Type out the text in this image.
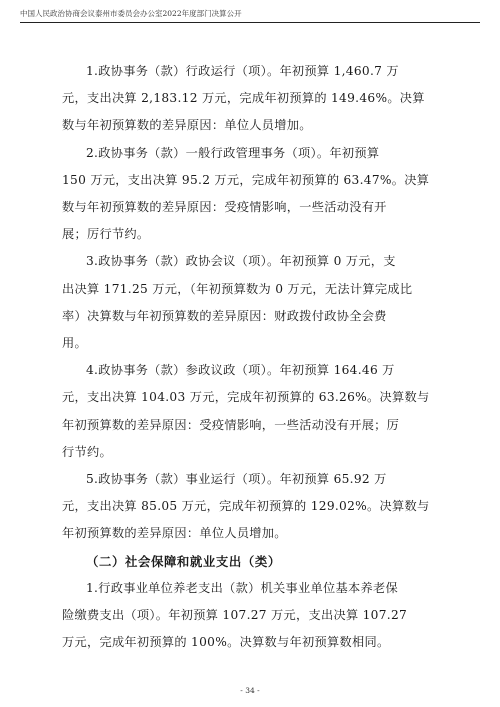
中国人民政治协商会议泰州市委员会办公室2022年度部门决算公开

1.政协事务（款）行政运行（项）。年初预算 1,460.7 万
元，支出决算 2,183.12 万元，完成年初预算的 149.46%。决算
数与年初预算数的差异原因：单位人员增加。

2.政协事务（款）一般行政管理事务（项）。年初预算
150 万元，支出决算 95.2 万元，完成年初预算的 63.47%。决算
数与年初预算数的差异原因：受疫情影响，一些活动没有开
展；厉行节约。

3.政协事务（款）政协会议（项）。年初预算 0 万元，支
出决算 171.25 万元，（年初预算数为 0 万元，无法计算完成比
率）决算数与年初预算数的差异原因：财政拨付政协全会费
用。

4.政协事务（款）参政议政（项）。年初预算 164.46 万
元，支出决算 104.03 万元，完成年初预算的 63.26%。决算数与
年初预算数的差异原因：受疫情影响，一些活动没有开展；厉
行节约。

5.政协事务（款）事业运行（项）。年初预算 65.92 万
元，支出决算 85.05 万元，完成年初预算的 129.02%。决算数与
年初预算数的差异原因：单位人员增加。

（二）社会保障和就业支出（类）

1.行政事业单位养老支出（款）机关事业单位基本养老保
险缴费支出（项）。年初预算 107.27 万元，支出决算 107.27
万元，完成年初预算的 100%。决算数与年初预算数相同。

- 34 -
